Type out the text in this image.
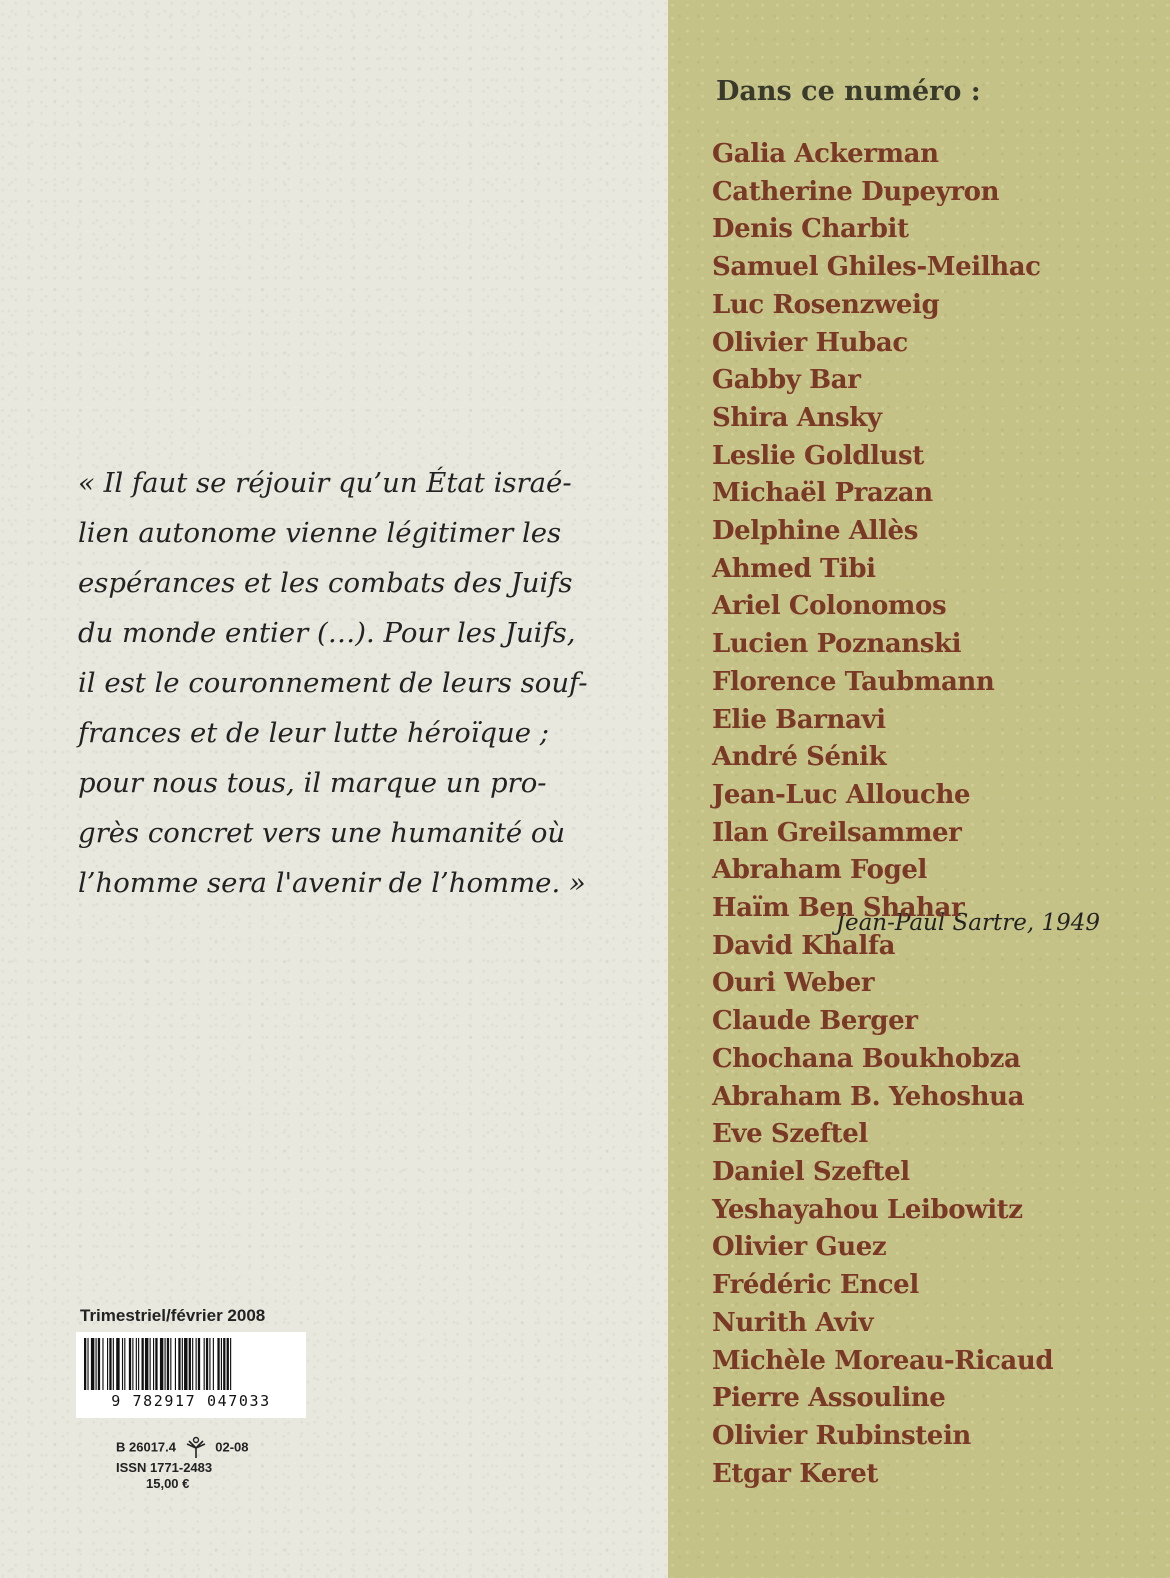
« Il faut se réjouir qu’un État israé-
lien autonome vienne légitimer les
espérances et les combats des Juifs
du monde entier (…). Pour les Juifs,
il est le couronnement de leurs souf-
frances et de leur lutte héroïque ;
pour nous tous, il marque un pro-
grès concret vers une humanité où
l’homme sera l'avenir de l’homme. »
Jean-Paul Sartre, 1949
Trimestriel/février 2008
9 782917 047033
B 26017.4	02-08
ISSN 1771-2483
15,00 €
Dans ce numéro :
Galia Ackerman
Catherine Dupeyron
Denis Charbit
Samuel Ghiles-Meilhac
Luc Rosenzweig
Olivier Hubac
Gabby Bar
Shira Ansky
Leslie Goldlust
Michaël Prazan
Delphine Allès
Ahmed Tibi
Ariel Colonomos
Lucien Poznanski
Florence Taubmann
Elie Barnavi
André Sénik
Jean-Luc Allouche
Ilan Greilsammer
Abraham Fogel
Haïm Ben Shahar
David Khalfa
Ouri Weber
Claude Berger
Chochana Boukhobza
Abraham B. Yehoshua
Eve Szeftel
Daniel Szeftel
Yeshayahou Leibowitz
Olivier Guez
Frédéric Encel
Nurith Aviv
Michèle Moreau-Ricaud
Pierre Assouline
Olivier Rubinstein
Etgar Keret
